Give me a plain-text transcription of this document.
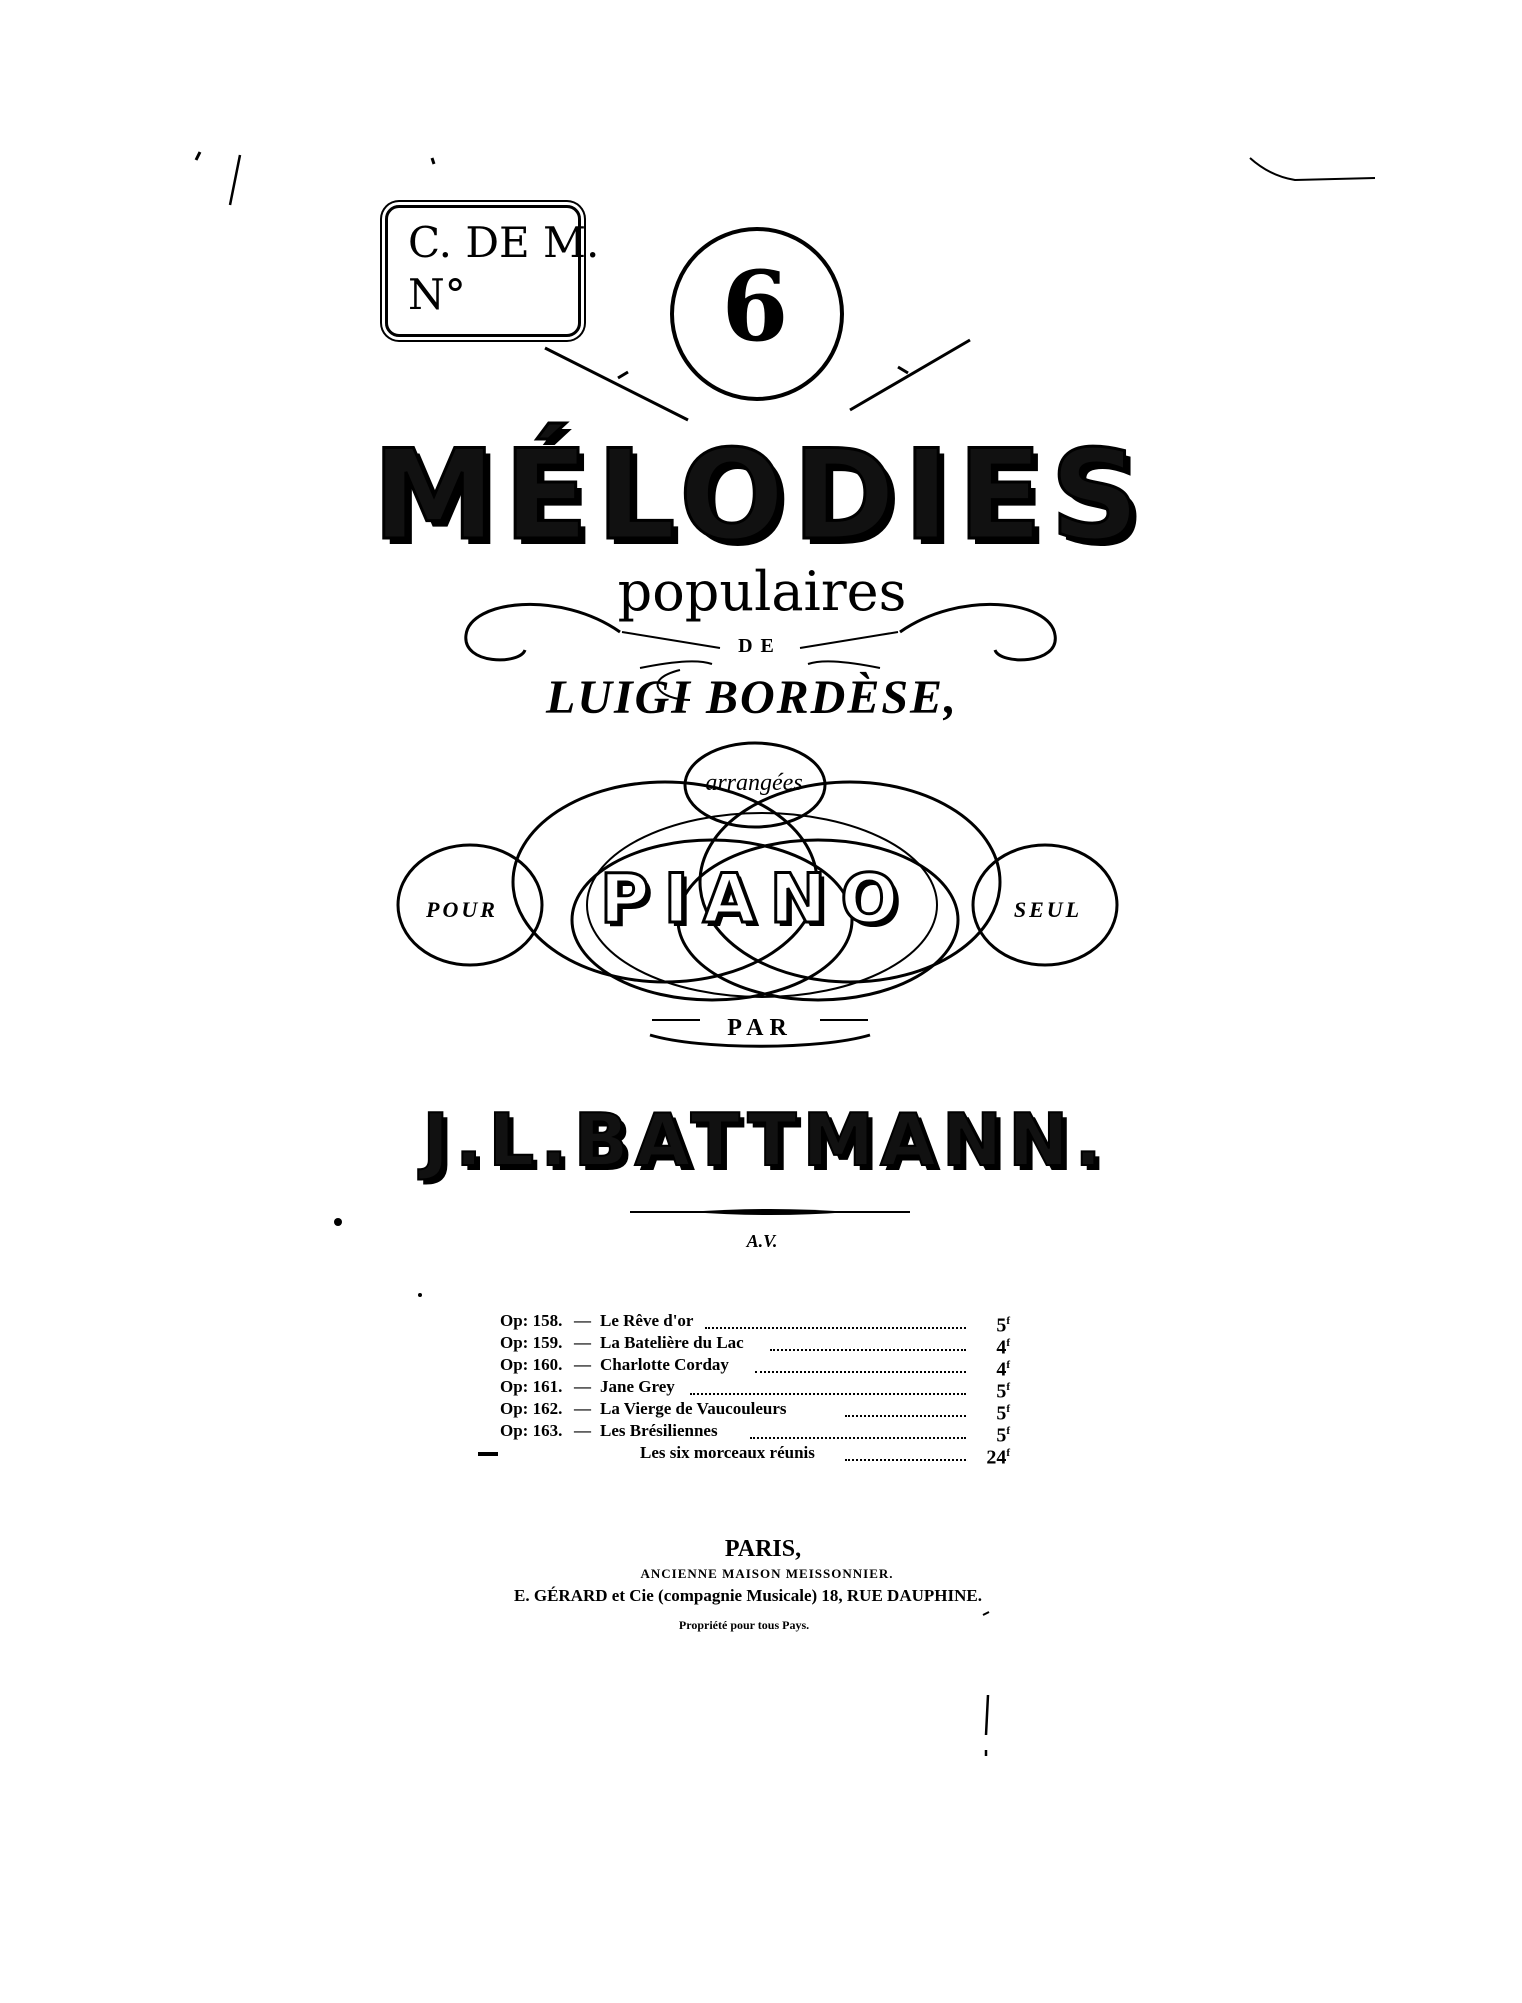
C. DE M.
N°	6
MÉLODIES
populaires
DE
LUIGI BORDÈSE,
arrangées
POUR PIANO	SEUL
PAR
J.L.BATTMANN.
A.V.
Op: 158. — Le Rêve d'or	5$^f$
Op: 159. — La Batelière du Lac	4$^f$
Op: 160. — Charlotte Corday	4$^f$
Op: 161. — Jane Grey	5$^f$
Op: 162. — La Vierge de Vaucouleurs	5$^f$
Op: 163. — Les Brésiliennes	5$^f$
Les six morceaux réunis	24$^f$
PARIS,
ANCIENNE MAISON MEISSONNIER.
E. GÉRARD et Cie (compagnie Musicale) 18, RUE DAUPHINE.
Propriété pour tous Pays.
